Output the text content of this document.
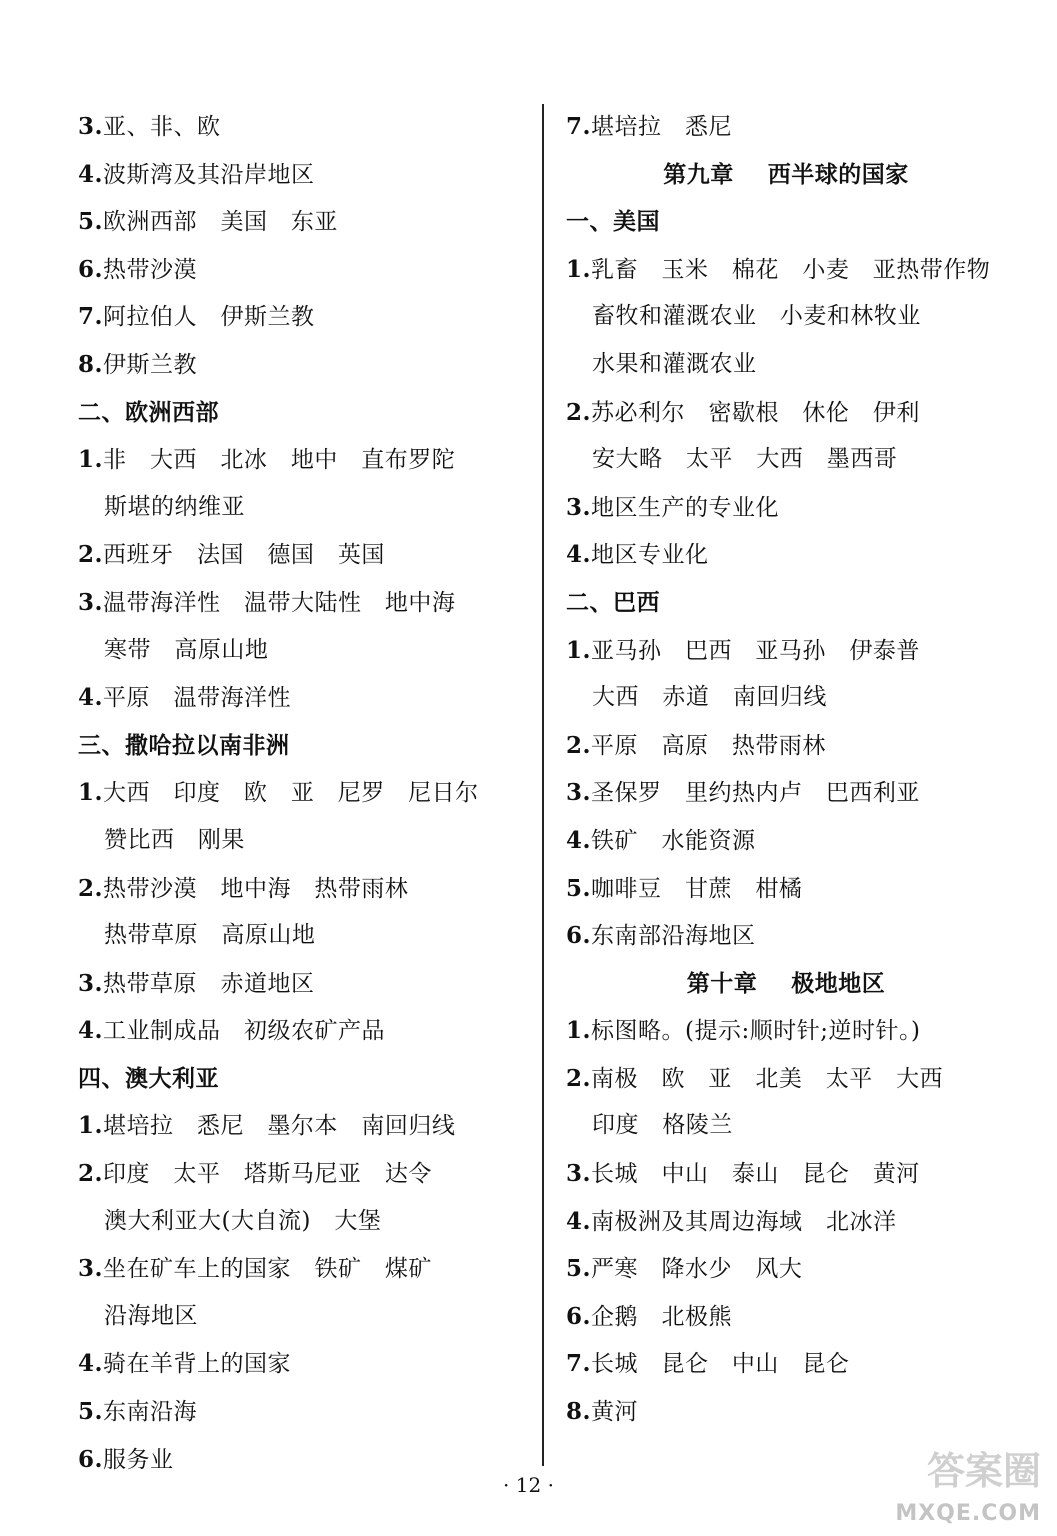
3.亚、非、欧
4.波斯湾及其沿岸地区
5.欧洲西部   美国   东亚
6.热带沙漠
7.阿拉伯人   伊斯兰教
8.伊斯兰教
二、欧洲西部
1.非   大西   北冰   地中   直布罗陀
斯堪的纳维亚
2.西班牙   法国   德国   英国
3.温带海洋性   温带大陆性   地中海
寒带   高原山地
4.平原   温带海洋性
三、撒哈拉以南非洲
1.大西   印度   欧   亚   尼罗   尼日尔
赞比西   刚果
2.热带沙漠   地中海   热带雨林
热带草原   高原山地
3.热带草原   赤道地区
4.工业制成品   初级农矿产品
四、澳大利亚
1.堪培拉   悉尼   墨尔本   南回归线
2.印度   太平   塔斯马尼亚   达令
澳大利亚大(大自流)   大堡
3.坐在矿车上的国家   铁矿   煤矿
沿海地区
4.骑在羊背上的国家
5.东南沿海
6.服务业
7.堪培拉   悉尼
第九章    西半球的国家
一、美国
1.乳畜   玉米   棉花   小麦   亚热带作物
畜牧和灌溉农业   小麦和林牧业
水果和灌溉农业
2.苏必利尔   密歇根   休伦   伊利
安大略   太平   大西   墨西哥
3.地区生产的专业化
4.地区专业化
二、巴西
1.亚马孙   巴西   亚马孙   伊泰普
大西   赤道   南回归线
2.平原   高原   热带雨林
3.圣保罗   里约热内卢   巴西利亚
4.铁矿   水能资源
5.咖啡豆   甘蔗   柑橘
6.东南部沿海地区
第十章    极地地区
1.标图略。(提示:顺时针;逆时针。)
2.南极   欧   亚   北美   太平   大西
印度   格陵兰
3.长城   中山   泰山   昆仑   黄河
4.南极洲及其周边海域   北冰洋
5.严寒   降水少   风大
6.企鹅   北极熊
7.长城   昆仑   中山   昆仑
8.黄河
· 12 ·	答案圈
MXQE.COM
